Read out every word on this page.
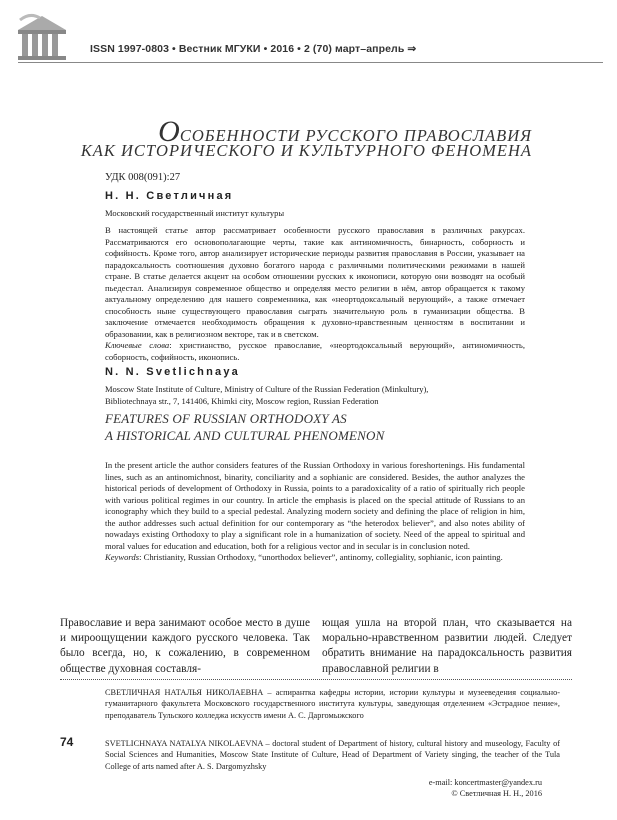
ISSN 1997-0803 • Вестник МГУКИ • 2016 • 2 (70) март–апрель ⇒
ОСОБЕННОСТИ РУССКОГО ПРАВОСЛАВИЯ
КАК ИСТОРИЧЕСКОГО И КУЛЬТУРНОГО ФЕНОМЕНА
УДК 008(091):27
Н. Н. Светличная
Московский государственный институт культуры

В настоящей статье автор рассматривает особенности русского православия в различных ракурсах. Рассматриваются его основополагающие черты, такие как антиномичность, бинарность, соборность и софийность. Кроме того, автор анализирует исторические периоды развития православия в России, указывает на парадоксальность соотношения духовно богатого народа с различными политическими режимами в нашей стране. В статье делается акцент на особом отношении русских к иконописи, которую они возводят на особый пьедестал. Анализируя современное общество и определяя место религии в нём, автор обращается к такому актуальному определению для нашего современника, как «неортодоксальный верующий», а также отмечает способность ныне существующего православия сыграть значительную роль в гуманизации общества. В заключение отмечается необходимость обращения к духовно-нравственным ценностям в воспитании и образовании, как в религиозном векторе, так и в светском.

Ключевые слова: христианство, русское православие, «неортодоксальный верующий», антиномичность, соборность, софийность, иконопись.

N. N. Svetlichnaya
Moscow State Institute of Culture, Ministry of Culture of the Russian Federation (Minkultury),
Bibliotechnaya str., 7, 141406, Khimki city, Moscow region, Russian Federation
FEATURES OF RUSSIAN ORTHODOXY AS
A HISTORICAL AND CULTURAL PHENOMENON

In the present article the author considers features of the Russian Orthodoxy in various foreshortenings. His fundamental lines, such as an antinomichnost, binarity, conciliarity and a sophianic are considered. Besides, the author analyzes the historical periods of development of Orthodoxy in Russia, points to a paradoxicality of a ratio of spiritually rich people with various political regimes in our country. In article the emphasis is placed on the special attitude of Russians to an iconography which they build to a special pedestal. Analyzing modern society and defining the place of religion in him, the author addresses such actual definition for our contemporary as “the heterodox believer”, and also notes ability of nowadays existing Orthodoxy to play a significant role in a humanization of society. Need of the appeal to spiritual and moral values for education and education, both for a religious vector and in secular is in conclusion noted.

Keywords: Christianity, Russian Orthodoxy, “unorthodox believer”, antinomy, collegiality, sophianic, icon painting.

Православие и вера занимают особое место в душе и мироощущении каждого русского человека. Так было всегда, но, к сожалению, в современном обществе духовная составля-
ющая ушла на второй план, что сказывается на морально-нравственном развитии людей. Следует обратить внимание на парадоксальность развития православной религии в
СВЕТЛИЧНАЯ НАТАЛЬЯ НИКОЛАЕВНА – аспирантка кафедры истории, истории культуры и музееведения социально-гуманитарного факультета Московского государственного института культуры, заведующая отделением «Эстрадное пение», преподаватель Тульского колледжа искусств имени А. С. Даргомыжского
74	SVETLICHNAYA NATALYA NIKOLAEVNA – doctoral student of Department of history, cultural history and museology, Faculty of Social Sciences and Humanities, Moscow State Institute of Culture, Head of Department of Variety singing, the teacher of the Tula College of arts named after A. S. Dargomyzhsky
e-mail: koncertmaster@yandex.ru
© Светличная Н. Н., 2016
